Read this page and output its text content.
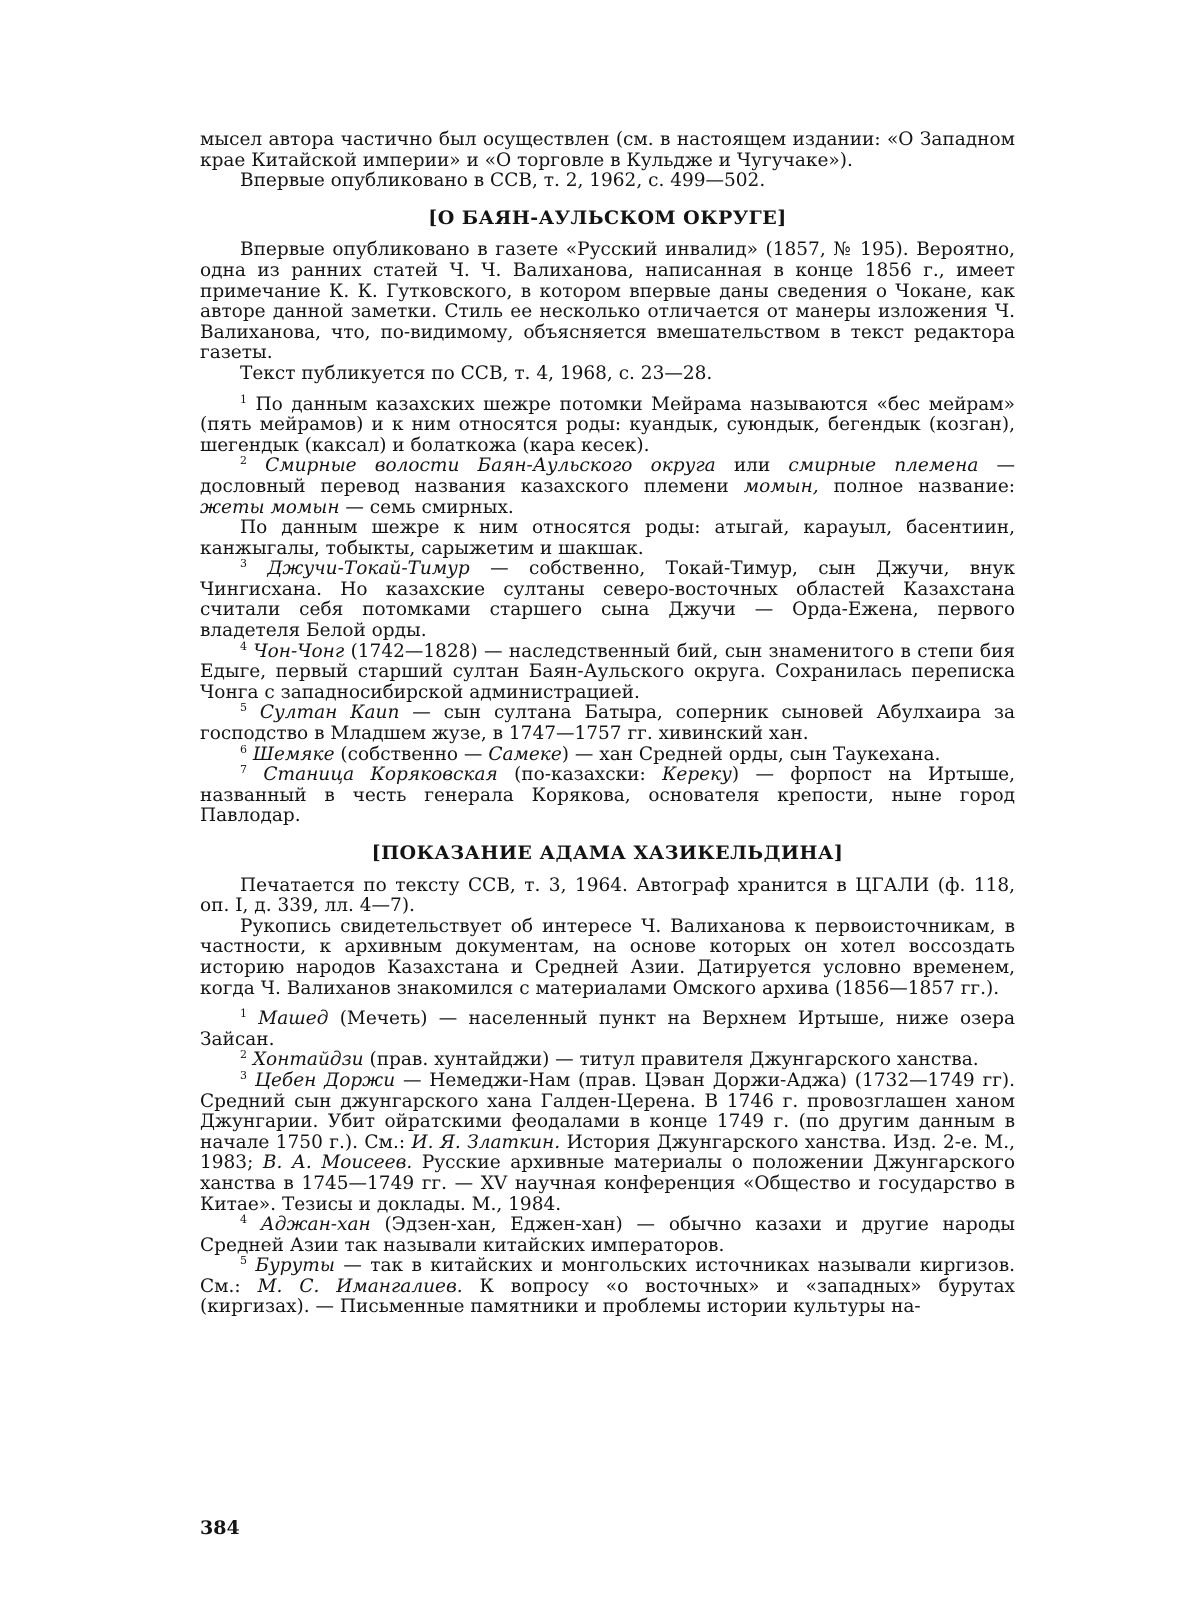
мысел автора частично был осуществлен (см. в настоящем издании: «О Западном крае Китайской империи» и «О торговле в Кульдже и Чугучаке»).

Впервые опубликовано в ССВ, т. 2, 1962, с. 499—502.

[О БАЯН-АУЛЬСКОМ ОКРУГЕ]

Впервые опубликовано в газете «Русский инвалид» (1857, № 195). Вероятно, одна из ранних статей Ч. Ч. Валиханова, написанная в конце 1856 г., имеет примечание К. К. Гутковского, в котором впервые даны сведения о Чокане, как авторе данной заметки. Стиль ее несколько отличается от манеры изложения Ч. Валиханова, что, по-видимому, объясняется вмешательством в текст редактора газеты.

Текст публикуется по ССВ, т. 4, 1968, с. 23—28.

$^1$ По данным казахских шежре потомки Мейрама называются «бес мейрам» (пять мейрамов) и к ним относятся роды: куандык, суюндык, бегендык (козган), шегендык (каксал) и болаткожа (кара кесек).

$^2$ Смирные волости Баян-Аульского округа или смирные племена — дословный перевод названия казахского племени момын, полное название: жеты момын — семь смирных.

По данным шежре к ним относятся роды: атыгай, карауыл, басентиин, канжыгалы, тобыкты, сарыжетим и шакшак.

$^3$ Джучи-Токай-Тимур — собственно, Токай-Тимур, сын Джучи, внук Чингисхана. Но казахские султаны северо-восточных областей Казахстана считали себя потомками старшего сына Джучи — Орда-Ежена, первого владетеля Белой орды.

$^4$ Чон-Чонг (1742—1828) — наследственный бий, сын знаменитого в степи бия Едыге, первый старший султан Баян-Аульского округа. Сохранилась переписка Чонга с западносибирской администрацией.

$^5$ Султан Каип — сын султана Батыра, соперник сыновей Абулхаира за господство в Младшем жузе, в 1747—1757 гг. хивинский хан.

$^6$ Шемяке (собственно — Самеке) — хан Средней орды, сын Таукехана.

$^7$ Станица Коряковская (по-казахски: Кереку) — форпост на Иртыше, названный в честь генерала Корякова, основателя крепости, ныне город Павлодар.

[ПОКАЗАНИЕ АДАМА ХАЗИКЕЛЬДИНА]

Печатается по тексту ССВ, т. 3, 1964. Автограф хранится в ЦГАЛИ (ф. 118, оп. I, д. 339, лл. 4—7).

Рукопись свидетельствует об интересе Ч. Валиханова к первоисточникам, в частности, к архивным документам, на основе которых он хотел воссоздать историю народов Казахстана и Средней Азии. Датируется условно временем, когда Ч. Валиханов знакомился с материалами Омского архива (1856—1857 гг.).

$^1$ Машед (Мечеть) — населенный пункт на Верхнем Иртыше, ниже озера Зайсан.

$^2$ Хонтайдзи (прав. хунтайджи) — титул правителя Джунгарского ханства.

$^3$ Цебен Доржи — Немеджи-Нам (прав. Цэван Доржи-Аджа) (1732—1749 гг). Средний сын джунгарского хана Галден-Церена. В 1746 г. провозглашен ханом Джунгарии. Убит ойратскими феодалами в конце 1749 г. (по другим данным в начале 1750 г.). См.: И. Я. Златкин. История Джунгарского ханства. Изд. 2-е. М., 1983; В. А. Моисеев. Русские архивные материалы о положении Джунгарского ханства в 1745—1749 гг. — XV научная конференция «Общество и государство в Китае». Тезисы и доклады. М., 1984.

$^4$ Аджан-хан (Эдзен-хан, Еджен-хан) — обычно казахи и другие народы Средней Азии так называли китайских императоров.

$^5$ Буруты — так в китайских и монгольских источниках называли киргизов. См.: М. С. Имангалиев. К вопросу «о восточных» и «западных» бурутах (киргизах). — Письменные памятники и проблемы истории культуры на-

384
